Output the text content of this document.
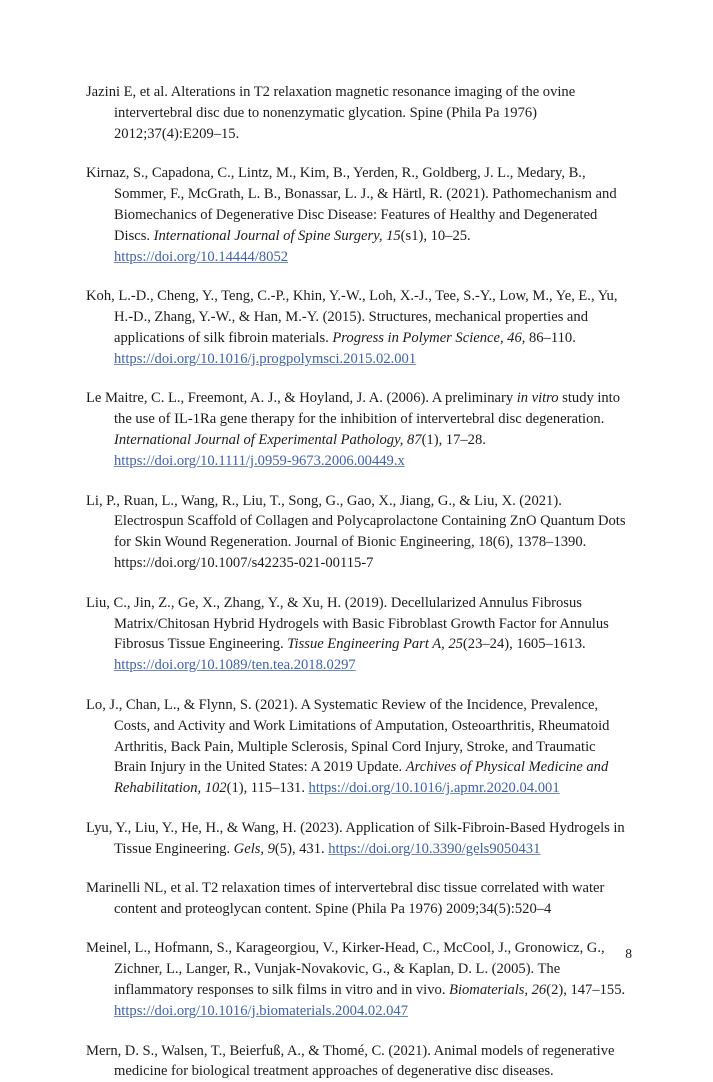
Jazini E, et al. Alterations in T2 relaxation magnetic resonance imaging of the ovine intervertebral disc due to nonenzymatic glycation. Spine (Phila Pa 1976) 2012;37(4):E209–15.

Kirnaz, S., Capadona, C., Lintz, M., Kim, B., Yerden, R., Goldberg, J. L., Medary, B., Sommer, F., McGrath, L. B., Bonassar, L. J., & Härtl, R. (2021). Pathomechanism and Biomechanics of Degenerative Disc Disease: Features of Healthy and Degenerated Discs. International Journal of Spine Surgery, 15(s1), 10–25. https://doi.org/10.14444/8052

Koh, L.-D., Cheng, Y., Teng, C.-P., Khin, Y.-W., Loh, X.-J., Tee, S.-Y., Low, M., Ye, E., Yu, H.-D., Zhang, Y.-W., & Han, M.-Y. (2015). Structures, mechanical properties and applications of silk fibroin materials. Progress in Polymer Science, 46, 86–110. https://doi.org/10.1016/j.progpolymsci.2015.02.001

Le Maitre, C. L., Freemont, A. J., & Hoyland, J. A. (2006). A preliminary in vitro study into the use of IL-1Ra gene therapy for the inhibition of intervertebral disc degeneration. International Journal of Experimental Pathology, 87(1), 17–28. https://doi.org/10.1111/j.0959-9673.2006.00449.x

Li, P., Ruan, L., Wang, R., Liu, T., Song, G., Gao, X., Jiang, G., & Liu, X. (2021). Electrospun Scaffold of Collagen and Polycaprolactone Containing ZnO Quantum Dots for Skin Wound Regeneration. Journal of Bionic Engineering, 18(6), 1378–1390. https://doi.org/10.1007/s42235-021-00115-7

Liu, C., Jin, Z., Ge, X., Zhang, Y., & Xu, H. (2019). Decellularized Annulus Fibrosus Matrix/Chitosan Hybrid Hydrogels with Basic Fibroblast Growth Factor for Annulus Fibrosus Tissue Engineering. Tissue Engineering Part A, 25(23–24), 1605–1613. https://doi.org/10.1089/ten.tea.2018.0297

Lo, J., Chan, L., & Flynn, S. (2021). A Systematic Review of the Incidence, Prevalence, Costs, and Activity and Work Limitations of Amputation, Osteoarthritis, Rheumatoid Arthritis, Back Pain, Multiple Sclerosis, Spinal Cord Injury, Stroke, and Traumatic Brain Injury in the United States: A 2019 Update. Archives of Physical Medicine and Rehabilitation, 102(1), 115–131. https://doi.org/10.1016/j.apmr.2020.04.001

Lyu, Y., Liu, Y., He, H., & Wang, H. (2023). Application of Silk-Fibroin-Based Hydrogels in Tissue Engineering. Gels, 9(5), 431. https://doi.org/10.3390/gels9050431

Marinelli NL, et al. T2 relaxation times of intervertebral disc tissue correlated with water content and proteoglycan content. Spine (Phila Pa 1976) 2009;34(5):520–4

Meinel, L., Hofmann, S., Karageorgiou, V., Kirker-Head, C., McCool, J., Gronowicz, G., Zichner, L., Langer, R., Vunjak-Novakovic, G., & Kaplan, D. L. (2005). The inflammatory responses to silk films in vitro and in vivo. Biomaterials, 26(2), 147–155. https://doi.org/10.1016/j.biomaterials.2004.02.047

Mern, D. S., Walsen, T., Beierfuß, A., & Thomé, C. (2021). Animal models of regenerative medicine for biological treatment approaches of degenerative disc diseases.

8
